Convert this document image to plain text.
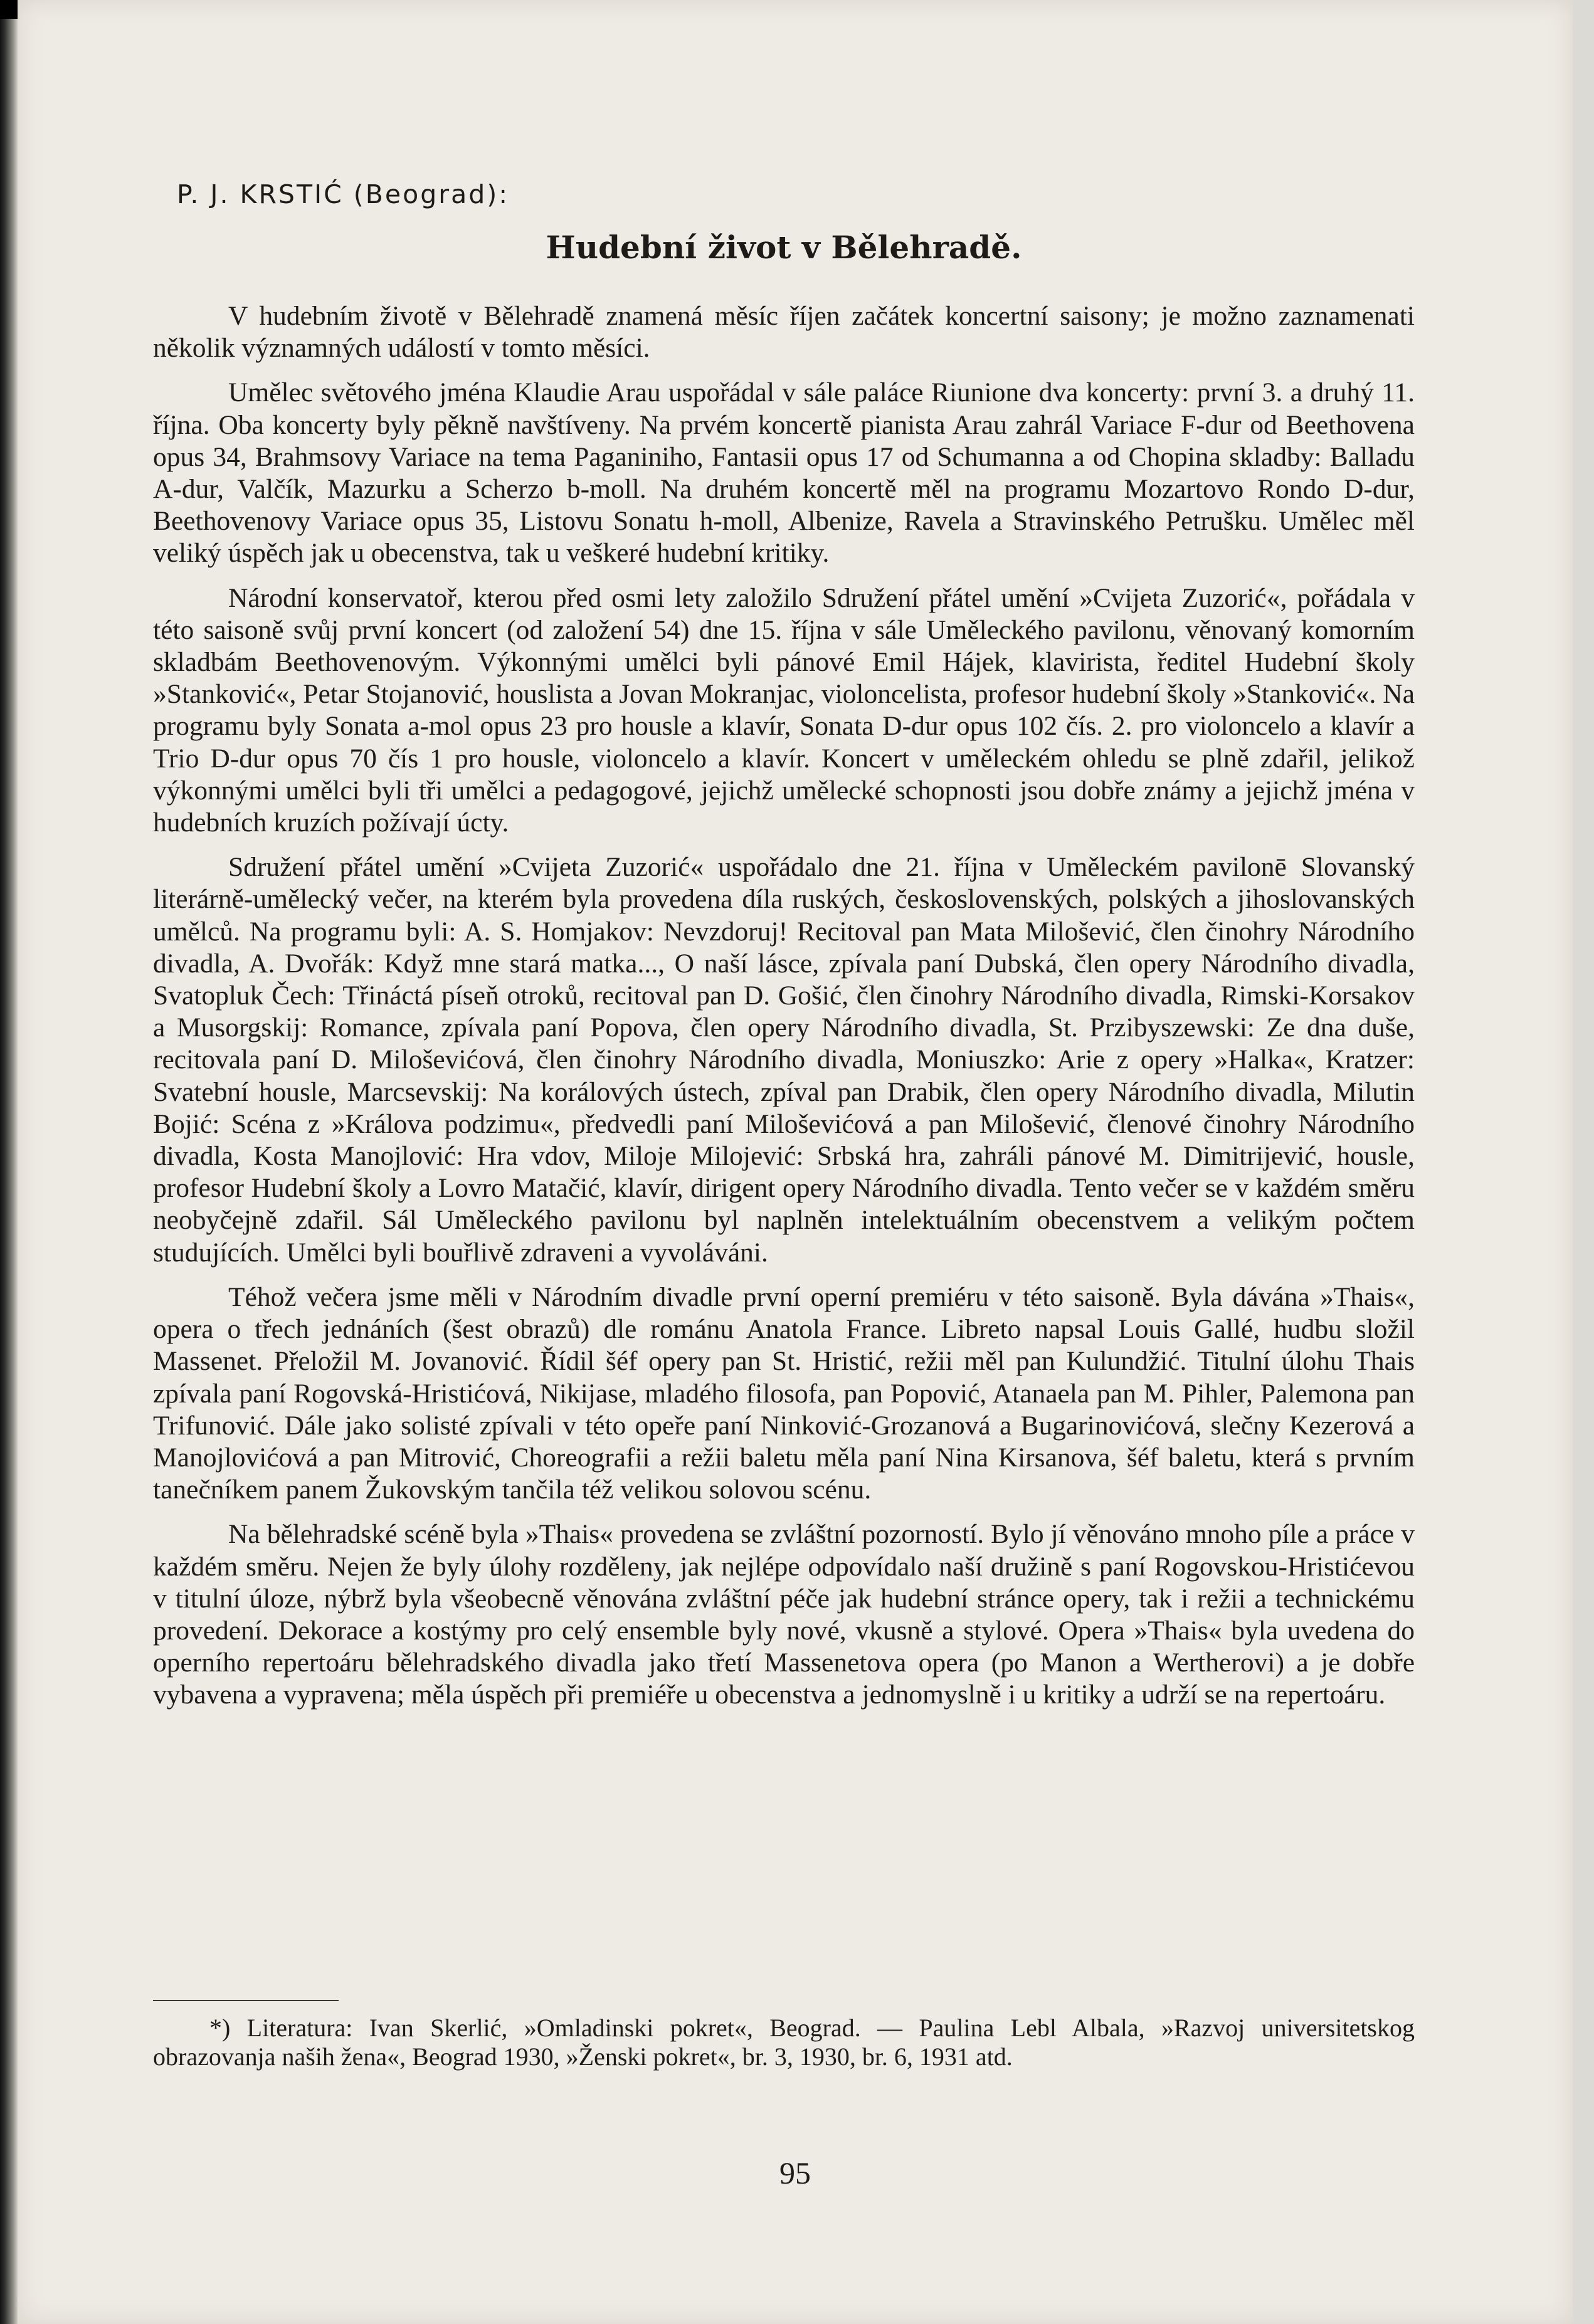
P. J. KRSTIĆ (Beograd):
Hudební život v Bělehradě.

V hudebním životě v Bělehradě znamená měsíc říjen začátek koncertní saisony; je možno zaznamenati několik významných událostí v tomto měsíci.

Umělec světového jména Klaudie Arau uspořádal v sále paláce Riunione dva koncerty: první 3. a druhý 11. října. Oba koncerty byly pěkně navštíveny. Na prvém koncertě pianista Arau zahrál Variace F-dur od Beethovena opus 34, Brahmsovy Variace na tema Paganiniho, Fantasii opus 17 od Schumanna a od Chopina skladby: Balladu A-dur, Valčík, Mazurku a Scherzo b-moll. Na druhém koncertě měl na programu Mozartovo Rondo D-dur, Beethovenovy Variace opus 35, Listovu Sonatu h-moll, Albenize, Ravela a Stravinského Petrušku. Umělec měl veliký úspěch jak u obecenstva, tak u veškeré hudební kritiky.

Národní konservatoř, kterou před osmi lety založilo Sdružení přátel umění »Cvijeta Zuzorić«, pořádala v této saisoně svůj první koncert (od založení 54) dne 15. října v sále Uměleckého pavilonu, věnovaný komorním skladbám Beethovenovým. Výkonnými umělci byli pánové Emil Hájek, klavirista, ředitel Hudební školy »Stanković«, Petar Stojanović, houslista a Jovan Mokranjac, violoncelista, profesor hudební školy »Stanković«. Na programu byly Sonata a-mol opus 23 pro housle a klavír, Sonata D-dur opus 102 čís. 2. pro violoncelo a klavír a Trio D-dur opus 70 čís 1 pro housle, violoncelo a klavír. Koncert v uměleckém ohledu se plně zdařil, jelikož výkonnými umělci byli tři umělci a pedagogové, jejichž umělecké schopnosti jsou dobře známy a jejichž jména v hudebních kruzích požívají úcty.

Sdružení přátel umění »Cvijeta Zuzorić« uspořádalo dne 21. října v Uměleckém pavilonē Slovanský literárně-umělecký večer, na kterém byla provedena díla ruských, československých, polských a jihoslovanských umělců. Na programu byli: A. S. Homjakov: Nevzdoruj! Recitoval pan Mata Milošević, člen činohry Národního divadla, A. Dvořák: Když mne stará matka..., O naší lásce, zpívala paní Dubská, člen opery Národního divadla, Svatopluk Čech: Třináctá píseň otroků, recitoval pan D. Gošić, člen činohry Národního divadla, Rimski-Korsakov a Musorgskij: Romance, zpívala paní Popova, člen opery Národního divadla, St. Przibyszewski: Ze dna duše, recitovala paní D. Miloševićová, člen činohry Národního divadla, Moniuszko: Arie z opery »Halka«, Kratzer: Svatební housle, Marcsevskij: Na korálových ústech, zpíval pan Drabik, člen opery Národního divadla, Milutin Bojić: Scéna z »Králova podzimu«, předvedli paní Miloševićová a pan Milošević, členové činohry Národního divadla, Kosta Manojlović: Hra vdov, Miloje Milojević: Srbská hra, zahráli pánové M. Dimitrijević, housle, profesor Hudební školy a Lovro Matačić, klavír, dirigent opery Národního divadla. Tento večer se v každém směru neobyčejně zdařil. Sál Uměleckého pavilonu byl naplněn intelektuálním obecenstvem a velikým počtem studujících. Umělci byli bouřlivě zdraveni a vyvoláváni.

Téhož večera jsme měli v Národním divadle první operní premiéru v této saisoně. Byla dávána »Thais«, opera o třech jednáních (šest obrazů) dle románu Anatola France. Libreto napsal Louis Gallé, hudbu složil Massenet. Přeložil M. Jovanović. Řídil šéf opery pan St. Hristić, režii měl pan Kulundžić. Titulní úlohu Thais zpívala paní Rogovská-Hristićová, Nikijase, mladého filosofa, pan Popović, Atanaela pan M. Pihler, Palemona pan Trifunović. Dále jako solisté zpívali v této opeře paní Ninković-Grozanová a Bugarinovićová, slečny Kezerová a Manojlovićová a pan Mitrović, Choreografii a režii baletu měla paní Nina Kirsanova, šéf baletu, která s prvním tanečníkem panem Žukovským tančila též velikou solovou scénu.

Na bělehradské scéně byla »Thais« provedena se zvláštní pozorností. Bylo jí věnováno mnoho píle a práce v každém směru. Nejen že byly úlohy rozděleny, jak nejlépe odpovídalo naší družině s paní Rogovskou-Hristićevou v titulní úloze, nýbrž byla všeobecně věnována zvláštní péče jak hudební stránce opery, tak i režii a technickému provedení. Dekorace a kostýmy pro celý ensemble byly nové, vkusně a stylové. Opera »Thais« byla uvedena do operního repertoáru bělehradského divadla jako třetí Massenetova opera (po Manon a Wertherovi) a je dobře vybavena a vypravena; měla úspěch při premiéře u obecenstva a jednomyslně i u kritiky a udrží se na repertoáru.

*) Literatura: Ivan Skerlić, »Omladinski pokret«, Beograd. — Paulina Lebl Albala, »Razvoj universitetskog obrazovanja naših žena«, Beograd 1930, »Ženski pokret«, br. 3, 1930, br. 6, 1931 atd.
95
